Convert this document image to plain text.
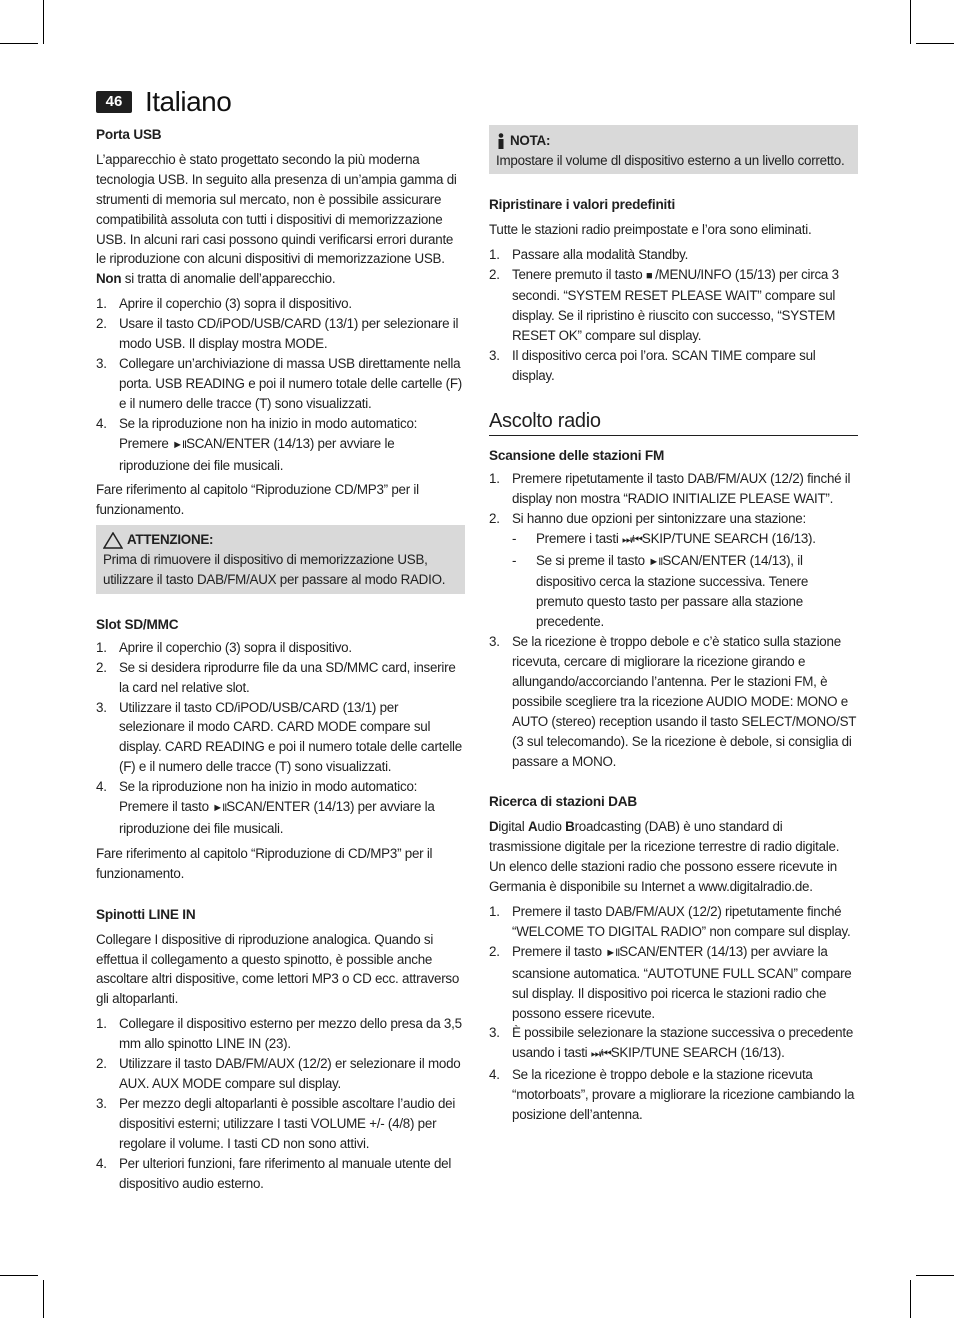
46 Italiano
Porta USB

L’apparecchio è stato progettato secondo la più moderna tecnologia USB. In seguito alla presenza di un’ampia gamma di strumenti di memoria sul mercato, non è possibile assicurare compatibilità assoluta con tutti i dispositivi di memorizzazione USB. In alcuni rari casi possono quindi verificarsi errori durante le riproduzione con alcuni dispositivi di memorizzazione USB. Non si tratta di anomalie dell’apparecchio.

1. Aprire il coperchio (3) sopra il dispositivo.
2. Usare il tasto CD/iPOD/USB/CARD (13/1) per selezionare il modo USB. Il display mostra MODE.
3. Collegare un’archiviazione di massa USB direttamente nella porta. USB READING e poi il numero totale delle cartelle (F) e il numero delle tracce (T) sono visualizzati.
4. Se la riproduzione non ha inizio in modo automatico: Premere ►IISCAN/ENTER (14/13) per avviare le riproduzione dei file musicali.

Fare riferimento al capitolo “Riproduzione CD/MP3” per il funzionamento.

ATTENZIONE:

Prima di rimuovere il dispositivo di memorizzazione USB, utilizzare il tasto DAB/FM/AUX per passare al modo RADIO.

Slot SD/MMC
1. Aprire il coperchio (3) sopra il dispositivo.
2. Se si desidera riprodurre file da una SD/MMC card, inserire la card nel relative slot.
3. Utilizzare il tasto CD/iPOD/USB/CARD (13/1) per selezionare il modo CARD. CARD MODE compare sul display. CARD READING e poi il numero totale delle cartelle (F) e il numero delle tracce (T) sono visualizzati.
4. Se la riproduzione non ha inizio in modo automatico: Premere il tasto ►IISCAN/ENTER (14/13) per avviare la riproduzione dei file musicali.

Fare riferimento al capitolo “Riproduzione di CD/MP3” per il funzionamento.

Spinotti LINE IN

Collegare I dispositive di riproduzione analogica. Quando si effettua il collegamento a questo spinotto, è possible anche ascoltare altri dispositive, come lettori MP3 o CD ecc. attraverso gli altoparlanti.

1. Collegare il dispositivo esterno per mezzo dello presa da 3,5 mm allo spinotto LINE IN (23).
2. Utilizzare il tasto DAB/FM/AUX (12/2) er selezionare il modo AUX. AUX MODE compare sul display.
3. Per mezzo degli altoparlanti è possible ascoltare l’audio dei dispositivi esterni; utilizzare I tasti VOLUME +/- (4/8) per regolare il volume. I tasti CD non sono attivi.
4. Per ulteriori funzioni, fare riferimento al manuale utente del dispositivo audio esterno.
NOTA:

Impostare il volume dl dispositivo esterno a un livello corretto.

Ripristinare i valori predefiniti

Tutte le stazioni radio preimpostate e l’ora sono eliminati.

1. Passare alla modalità Standby.
2. Tenere premuto il tasto ■ /MENU/INFO (15/13) per circa 3 secondi. “SYSTEM RESET PLEASE WAIT” compare sul display. Se il ripristino è riuscito con successo, “SYSTEM RESET OK” compare sul display.
3. Il dispositivo cerca poi l’ora. SCAN TIME compare sul display.
Ascolto radio
Scansione delle stazioni FM
1. Premere ripetutamente il tasto DAB/FM/AUX (12/2) finché il display non mostra “RADIO INITIALIZE PLEASE WAIT”.
2. Si hanno due opzioni per sintonizzare una stazione:
- Premere i tasti ⏭/⏮SKIP/TUNE SEARCH (16/13).
- Se si preme il tasto ►IISCAN/ENTER (14/13), il dispositivo cerca la stazione successiva. Tenere premuto questo tasto per passare alla stazione precedente.
3. Se la ricezione è troppo debole e c’è statico sulla stazione ricevuta, cercare di migliorare la ricezione girando e allungando/accorciando l’antenna. Per le stazioni FM, è possibile scegliere tra la ricezione AUDIO MODE: MONO e AUTO (stereo) reception usando il tasto SELECT/MONO/ST (3 sul telecomando). Se la ricezione è debole, si consiglia di passare a MONO.
Ricerca di stazioni DAB

Digital Audio Broadcasting (DAB) è uno standard di trasmissione digitale per la ricezione terrestre di radio digitale. Un elenco delle stazioni radio che possono essere ricevute in Germania è disponibile su Internet a www.digitalradio.de.

1. Premere il tasto DAB/FM/AUX (12/2) ripetutamente finché “WELCOME TO DIGITAL RADIO” non compare sul display.
2. Premere il tasto ►IISCAN/ENTER (14/13) per avviare la scansione automatica. “AUTOTUNE FULL SCAN” compare sul display. Il dispositivo poi ricerca le stazioni radio che possono essere ricevute.
3. È possibile selezionare la stazione successiva o precedente usando i tasti ⏭/⏮SKIP/TUNE SEARCH (16/13).
4. Se la ricezione è troppo debole e la stazione ricevuta “motorboats”, provare a migliorare la ricezione cambiando la posizione dell’antenna.
